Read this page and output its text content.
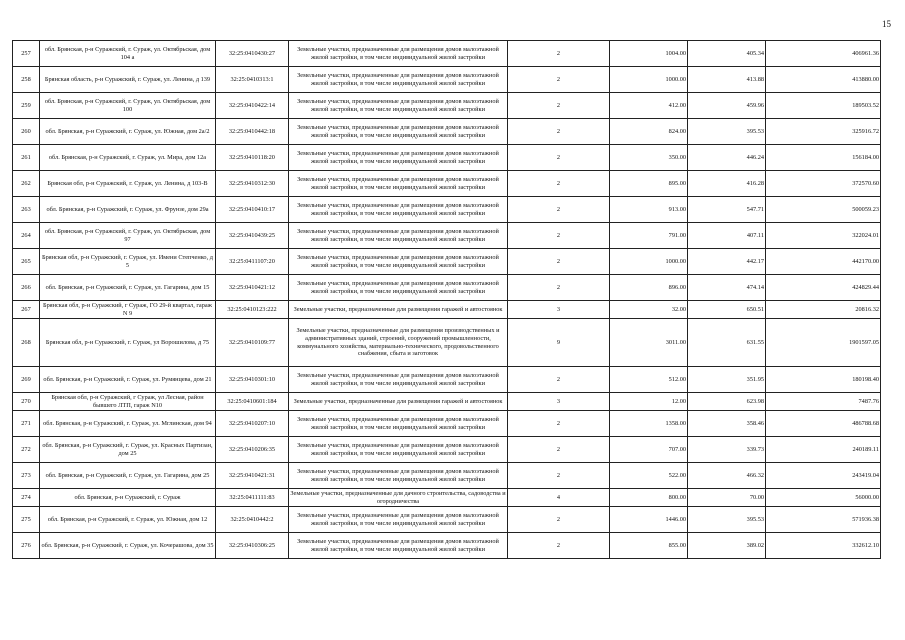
15
257	обл. Брянская, р-н Суражский, г. Сураж, ул. Октябрьская, дом 104 а	32:25:0410430:27	Земельные участки, предназначенные для размещения домов малоэтажной жилой застройки, в том числе индивидуальной жилой застройки	2	1004.00	405.34	406961.36
258	Брянская область, р-н Суражский, г. Сураж, ул. Ленина, д 139	32:25:0410313:1	Земельные участки, предназначенные для размещения домов малоэтажной жилой застройки, в том числе индивидуальной жилой застройки	2	1000.00	413.88	413880.00
259	обл. Брянская, р-н Суражский, г. Сураж, ул. Октябрьская, дом 100	32:25:0410422:14	Земельные участки, предназначенные для размещения домов малоэтажной жилой застройки, в том числе индивидуальной жилой застройки	2	412.00	459.96	189503.52
260	обл. Брянская, р-н Суражский, г. Сураж, ул. Южная, дом 2а/2	32:25:0410442:18	Земельные участки, предназначенные для размещения домов малоэтажной жилой застройки, в том числе индивидуальной жилой застройки	2	824.00	395.53	325916.72
261	обл. Брянская, р-н Суражский, г. Сураж, ул. Мира, дом 12а	32:25:0410118:20	Земельные участки, предназначенные для размещения домов малоэтажной жилой застройки, в том числе индивидуальной жилой застройки	2	350.00	446.24	156184.00
262	Брянская обл, р-н Суражский, г. Сураж, ул. Ленина, д 103-В	32:25:0410312:30	Земельные участки, предназначенные для размещения домов малоэтажной жилой застройки, в том числе индивидуальной жилой застройки	2	895.00	416.28	372570.60
263	обл. Брянская, р-н Суражский, г. Сураж, ул. Фрунзе, дом 29а	32:25:0410410:17	Земельные участки, предназначенные для размещения домов малоэтажной жилой застройки, в том числе индивидуальной жилой застройки	2	913.00	547.71	500059.23
264	обл. Брянская, р-н Суражский, г. Сураж, ул. Октябрьская, дом 97	32:25:0410439:25	Земельные участки, предназначенные для размещения домов малоэтажной жилой застройки, в том числе индивидуальной жилой застройки	2	791.00	407.11	322024.01
265	Брянская обл, р-н Суражский, г. Сураж, ул. Имени Степченко, д 5	32:25:0411107:20	Земельные участки, предназначенные для размещения домов малоэтажной жилой застройки, в том числе индивидуальной жилой застройки	2	1000.00	442.17	442170.00
266	обл. Брянская, р-н Суражский, г. Сураж, ул. Гагарина, дом 15	32:25:0410421:12	Земельные участки, предназначенные для размещения домов малоэтажной жилой застройки, в том числе индивидуальной жилой застройки	2	896.00	474.14	424829.44
267	Брянская обл, р-н Суражский, г Сураж, ГО 29-й квартал, гараж N 9	32:25:0410123:222	Земельные участки, предназначенные для размещения гаражей и автостоянок	3	32.00	650.51	20816.32
268	Брянская обл, р-н Суражский, г. Сураж, ул Ворошилова, д 75	32:25:0410109:77	Земельные участки, предназначенные для размещения производственных и административных зданий, строений, сооружений промышленности, коммунального хозяйства, материально-технического, продовольственного снабжения, сбыта и заготовок	9	3011.00	631.55	1901597.05
269	обл. Брянская, р-н Суражский, г. Сураж, ул. Румянцева, дом 21	32:25:0410301:10	Земельные участки, предназначенные для размещения домов малоэтажной жилой застройки, в том числе индивидуальной жилой застройки	2	512.00	351.95	180198.40
270	Брянская обл, р-н Суражский, г Сураж, ул Лесная, район бывшего ЛТП, гараж N10	32:25:0410601:184	Земельные участки, предназначенные для размещения гаражей и автостоянок	3	12.00	623.98	7487.76
271	обл. Брянская, р-н Суражский, г. Сураж, ул. Мглинская, дом 94	32:25:0410207:10	Земельные участки, предназначенные для размещения домов малоэтажной жилой застройки, в том числе индивидуальной жилой застройки	2	1358.00	358.46	486788.68
272	обл. Брянская, р-н Суражский, г. Сураж, ул. Красных Партизан, дом 25	32:25:0410206:35	Земельные участки, предназначенные для размещения домов малоэтажной жилой застройки, в том числе индивидуальной жилой застройки	2	707.00	339.73	240189.11
273	обл. Брянская, р-н Суражский, г. Сураж, ул. Гагарина, дом 25	32:25:0410421:31	Земельные участки, предназначенные для размещения домов малоэтажной жилой застройки, в том числе индивидуальной жилой застройки	2	522.00	466.32	243419.04
274	обл. Брянская, р-н Суражский, г. Сураж	32:25:0411111:83	Земельные участки, предназначенные для дачного строительства, садоводства и огородничества	4	800.00	70.00	56000.00
275	обл. Брянская, р-н Суражский, г. Сураж, ул. Южная, дом 12	32:25:0410442:2	Земельные участки, предназначенные для размещения домов малоэтажной жилой застройки, в том числе индивидуальной жилой застройки	2	1446.00	395.53	571936.38
276	обл. Брянская, р-н Суражский, г. Сураж, ул. Кочерашова, дом 35	32:25:0410306:25	Земельные участки, предназначенные для размещения домов малоэтажной жилой застройки, в том числе индивидуальной жилой застройки	2	855.00	389.02	332612.10
